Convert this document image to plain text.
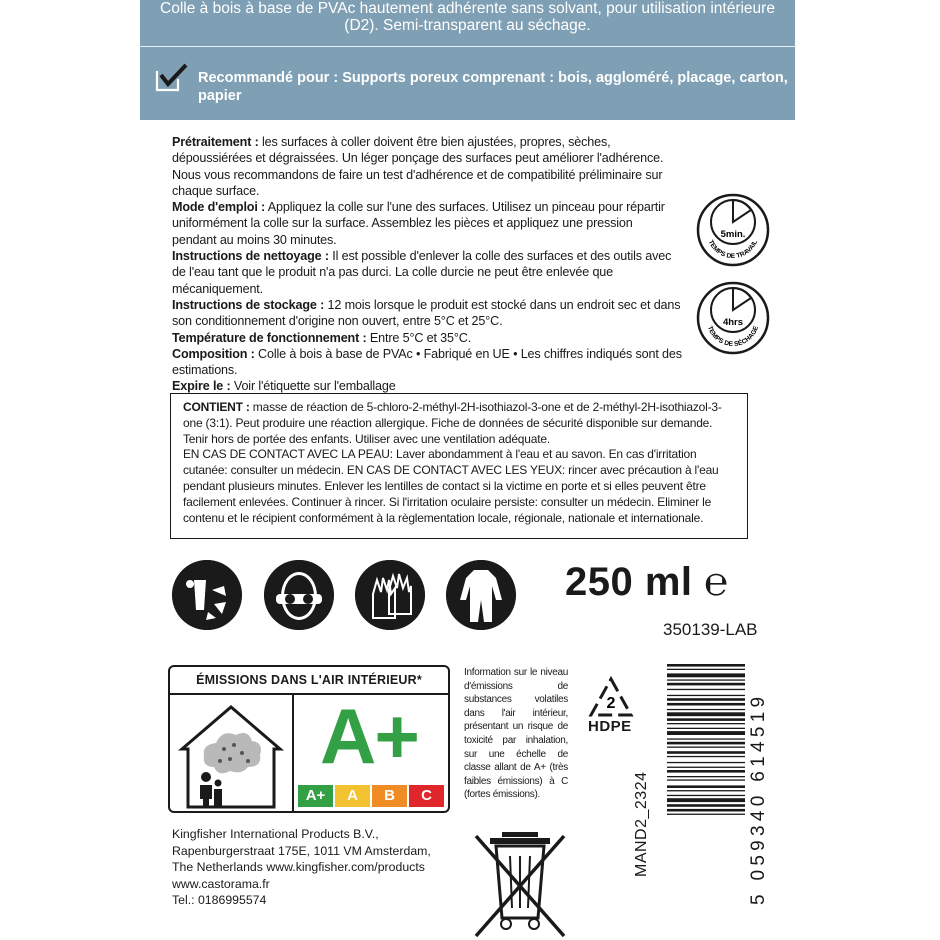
Colle à bois à base de PVAc hautement adhérente sans solvant, pour utilisation intérieure (D2). Semi-transparent au séchage.
Recommandé pour : Supports poreux comprenant : bois, aggloméré, placage, carton, papier

Prétraitement : les surfaces à coller doivent être bien ajustées, propres, sèches, dépoussiérées et dégraissées. Un léger ponçage des surfaces peut améliorer l'adhérence. Nous vous recommandons de faire un test d'adhérence et de compatibilité préliminaire sur chaque surface.

Mode d'emploi : Appliquez la colle sur l'une des surfaces. Utilisez un pinceau pour répartir uniformément la colle sur la surface. Assemblez les pièces et appliquez une pression pendant au moins 30 minutes.

Instructions de nettoyage : Il est possible d'enlever la colle des surfaces et des outils avec de l'eau tant que le produit n'a pas durci. La colle durcie ne peut être enlevée que mécaniquement.

Instructions de stockage : 12 mois lorsque le produit est stocké dans un endroit sec et dans son conditionnement d'origine non ouvert, entre 5°C et 25°C.

Température de fonctionnement : Entre 5°C et 35°C.

Composition : Colle à bois à base de PVAc • Fabriqué en UE • Les chiffres indiqués sont des estimations.

Expire le : Voir l'étiquette sur l'emballage

5min.
TEMPS DE TRAVAIL
4hrs
TEMPS DE SÉCHAGE

CONTIENT : masse de réaction de 5-chloro-2-méthyl-2H-isothiazol-3-one et de 2-méthyl-2H-isothiazol-3-one (3:1). Peut produire une réaction allergique. Fiche de données de sécurité disponible sur demande. Tenir hors de portée des enfants. Utiliser avec une ventilation adéquate.

EN CAS DE CONTACT AVEC LA PEAU: Laver abondamment à l'eau et au savon. En cas d'irritation cutanée: consulter un médecin. EN CAS DE CONTACT AVEC LES YEUX: rincer avec précaution à l'eau pendant plusieurs minutes. Enlever les lentilles de contact si la victime en porte et si elles peuvent être facilement enlevées. Continuer à rincer. Si l'irritation oculaire persiste: consulter un médecin. Eliminer le contenu et le récipient conformément à la règlementation locale, régionale, nationale et internationale.

250 ml ℮
350139-LAB
ÉMISSIONS DANS L'AIR INTÉRIEUR*
A+
A+	A	B	C
Information sur le niveau d'émissions de substances volatiles dans l'air intérieur, présentant un risque de toxicité par inhalation, sur une échelle de classe allant de A+ (très faibles émissions) à C (fortes émissions).
2
HDPE

Kingfisher International Products B.V.,

Rapenburgerstraat 175E, 1011 VM Amsterdam,

The Netherlands www.kingfisher.com/products

www.castorama.fr

Tel.: 0186995574

MAND2_2324	5 059340 614519
